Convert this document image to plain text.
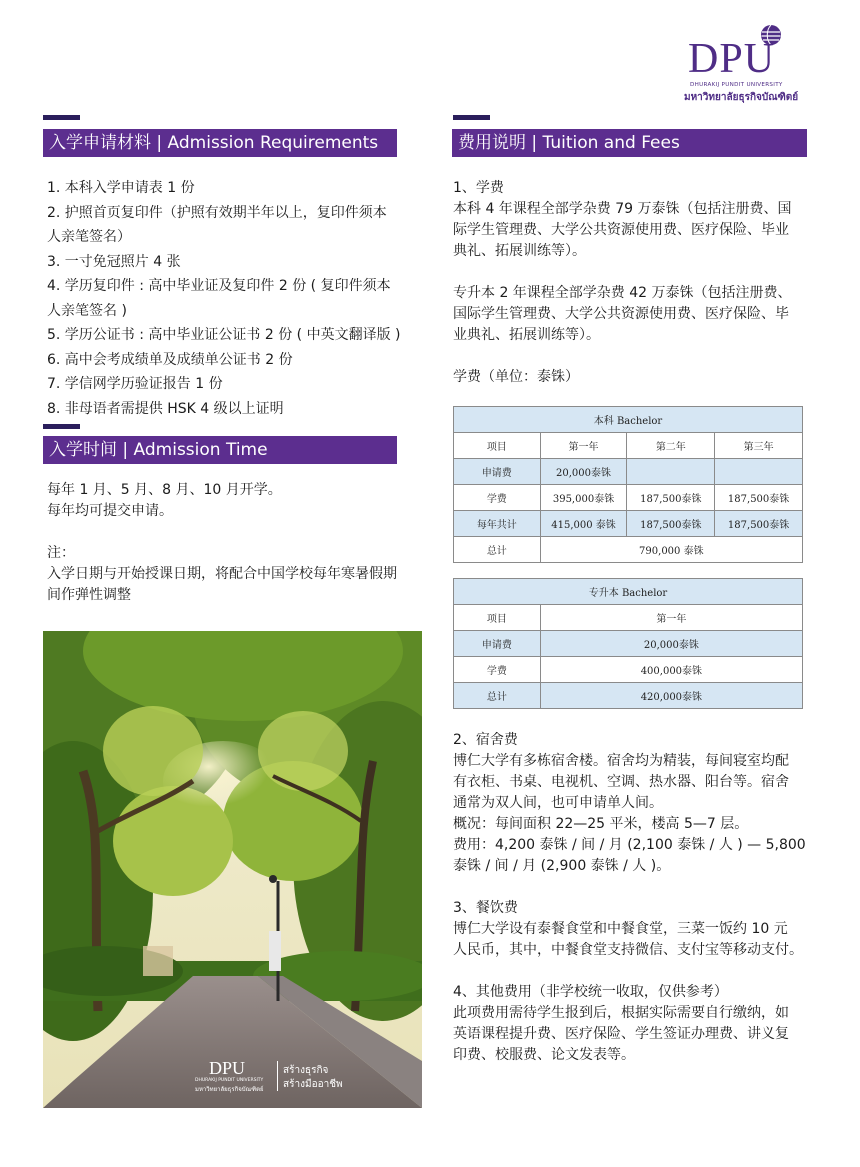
DPU
DHURAKIJ PUNDIT UNIVERSITY
มหาวิทยาลัยธุรกิจบัณฑิตย์
入学申请材料 | Admission Requirements
1. 本科入学申请表 1 份
2. 护照首页复印件（护照有效期半年以上，复印件须本
人亲笔签名）
3. 一寸免冠照片 4 张
4. 学历复印件 : 高中毕业证及复印件 2 份 ( 复印件须本
人亲笔签名 )
5. 学历公证书 : 高中毕业证公证书 2 份 ( 中英文翻译版 )
6. 高中会考成绩单及成绩单公证书 2 份
7. 学信网学历验证报告 1 份
8. 非母语者需提供 HSK 4 级以上证明
入学时间 | Admission Time
每年 1 月、5 月、8 月、10 月开学。
每年均可提交申请。
注：
入学日期与开始授课日期，将配合中国学校每年寒暑假期
间作弹性调整
DPU
DHURAKIJ PUNDIT UNIVERSITY
มหาวิทยาลัยธุรกิจบัณฑิตย์
สร้างธุรกิจ
สร้างมืออาชีพ
费用说明 | Tuition and Fees
1、学费
本科 4 年课程全部学杂费 79 万泰铢（包括注册费、国
际学生管理费、大学公共资源使用费、医疗保险、毕业
典礼、拓展训练等）。
专升本 2 年课程全部学杂费 42 万泰铢（包括注册费、
国际学生管理费、大学公共资源使用费、医疗保险、毕
业典礼、拓展训练等）。
学费（单位：泰铢）
本科 Bachelor			
项目	第一年	第二年	第三年
申请费	20,000泰铢		
学费	395,000泰铢	187,500泰铢	187,500泰铢
每年共计	415,000 泰铢	187,500泰铢	187,500泰铢
总计	790,000 泰铢		
专升本 Bachelor	
项目	第一年
申请费	20,000泰铢
学费	400,000泰铢
总计	420,000泰铢
2、宿舍费
博仁大学有多栋宿舍楼。宿舍均为精装，每间寝室均配
有衣柜、书桌、电视机、空调、热水器、阳台等。宿舍
通常为双人间，也可申请单人间。
概况：每间面积 22—25 平米，楼高 5—7 层。
费用：4,200 泰铢 / 间 / 月 (2,100 泰铢 / 人 ) — 5,800
泰铢 / 间 / 月 (2,900 泰铢 / 人 )。
3、餐饮费
博仁大学设有泰餐食堂和中餐食堂，三菜一饭约 10 元
人民币，其中，中餐食堂支持微信、支付宝等移动支付。
4、其他费用（非学校统一收取，仅供参考）
此项费用需待学生报到后，根据实际需要自行缴纳，如
英语课程提升费、医疗保险、学生签证办理费、讲义复
印费、校服费、论文发表等。
